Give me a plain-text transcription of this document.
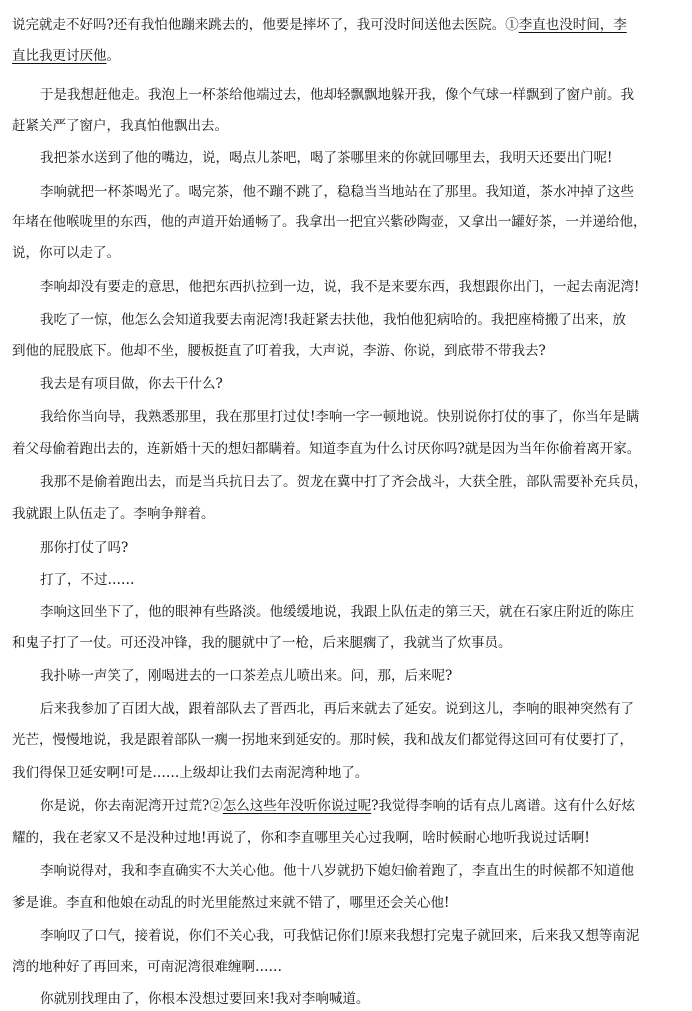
说完就走不好吗?还有我怕他蹦来跳去的，他要是摔坏了，我可没时间送他去医院。①李直也没时间，李
直比我更讨厌他。
于是我想赶他走。我泡上一杯茶给他端过去，他却轻飘飘地躲开我，像个气球一样飘到了窗户前。我
赶紧关严了窗户，我真怕他飘出去。
我把茶水送到了他的嘴边，说，喝点儿茶吧，喝了茶哪里来的你就回哪里去，我明天还要出门呢!
李响就把一杯茶喝光了。喝完茶，他不蹦不跳了，稳稳当当地站在了那里。我知道，茶水冲掉了这些
年堵在他喉咙里的东西，他的声道开始通畅了。我拿出一把宜兴紫砂陶壶，又拿出一罐好茶，一并递给他，
说，你可以走了。
李响却没有要走的意思，他把东西扒拉到一边，说，我不是来要东西，我想跟你出门，一起去南泥湾!
我吃了一惊，他怎么会知道我要去南泥湾!我赶紧去扶他，我怕他犯病哈的。我把座椅搬了出来，放
到他的屁股底下。他却不坐，腰板挺直了叮着我，大声说，李游、你说，到底带不带我去?
我去是有项目做，你去干什么?
我给你当向导，我熟悉那里，我在那里打过仗!李响一字一顿地说。快别说你打仗的事了，你当年是瞒
着父母偷着跑出去的，连新婚十天的想妇都瞒着。知道李直为什么讨厌你吗?就是因为当年你偷着离开家。
我那不是偷着跑出去，而是当兵抗日去了。贺龙在冀中打了齐会战斗，大获全胜，部队需要补充兵员，
我就跟上队伍走了。李响争辩着。
那你打仗了吗?
打了，不过……
李响这回坐下了，他的眼神有些路淡。他缓缓地说，我跟上队伍走的第三天，就在石家庄附近的陈庄
和鬼子打了一仗。可还没冲锋，我的腿就中了一枪，后来腿瘸了，我就当了炊事员。
我扑哧一声笑了，刚喝进去的一口茶差点儿喷出来。问，那，后来呢?
后来我参加了百团大战，跟着部队去了晋西北，再后来就去了延安。说到这儿，李响的眼神突然有了
光芒，慢慢地说，我是跟着部队一瘸一拐地来到延安的。那时候，我和战友们都觉得这回可有仗要打了，
我们得保卫延安啊!可是……上级却让我们去南泥湾种地了。
你是说，你去南泥湾开过荒?②怎么这些年没听你说过呢?我觉得李响的话有点儿离谱。这有什么好炫
耀的，我在老家又不是没种过地!再说了，你和李直哪里关心过我啊，啥时候耐心地听我说过话啊!
李响说得对，我和李直确实不大关心他。他十八岁就扔下媳妇偷着跑了，李直出生的时候都不知道他
爹是谁。李直和他娘在动乱的时光里能熬过来就不错了，哪里还会关心他!
李响叹了口气，接着说，你们不关心我，可我惦记你们!原来我想打完鬼子就回来，后来我又想等南泥
湾的地种好了再回来，可南泥湾很难缠啊……
你就别找理由了，你根本没想过要回来!我对李响喊道。
